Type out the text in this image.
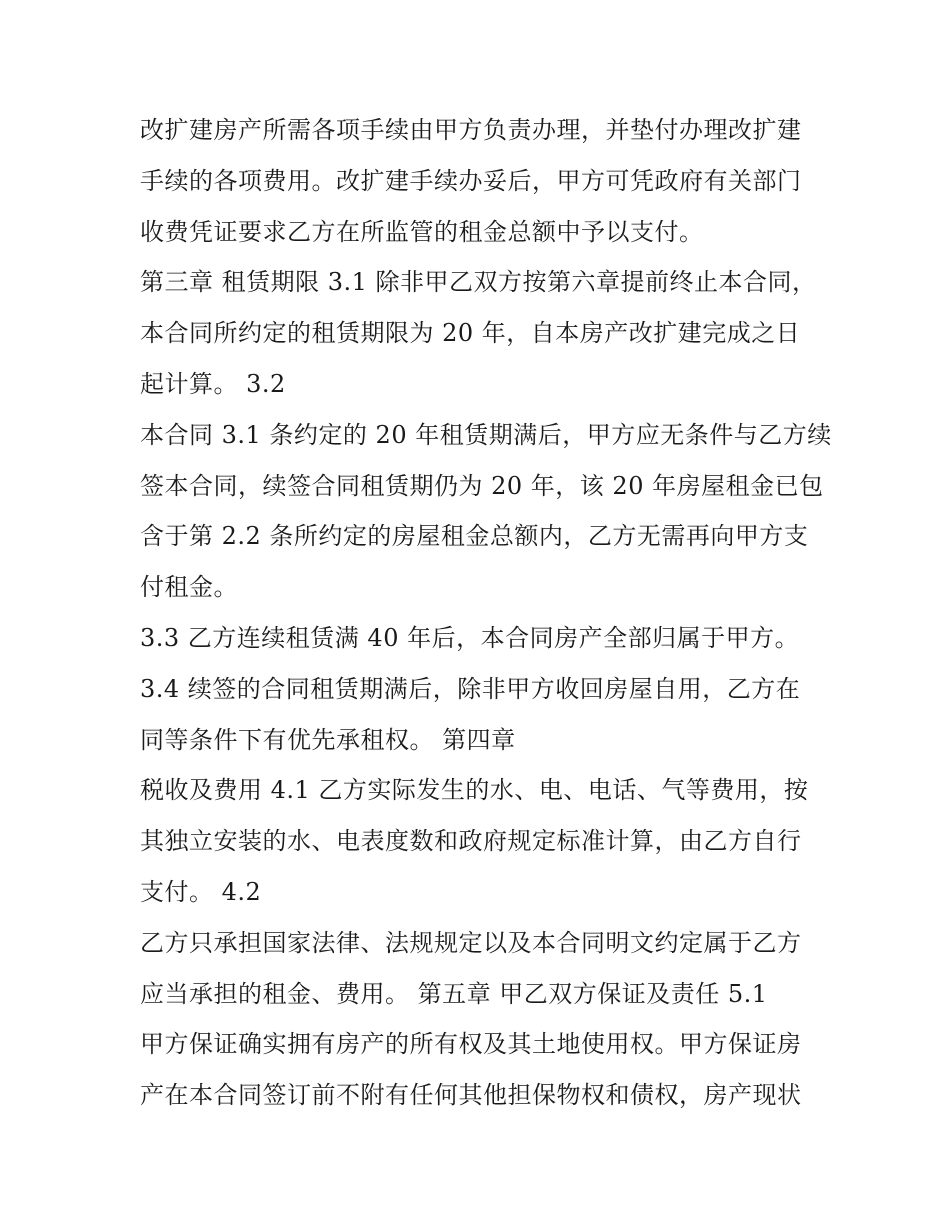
改扩建房产所需各项手续由甲方负责办理，并垫付办理改扩建
手续的各项费用。改扩建手续办妥后，甲方可凭政府有关部门
收费凭证要求乙方在所监管的租金总额中予以支付。
第三章 租赁期限 3.1 除非甲乙双方按第六章提前终止本合同，
本合同所约定的租赁期限为 20 年，自本房产改扩建完成之日
起计算。 3.2
本合同 3.1 条约定的 20 年租赁期满后，甲方应无条件与乙方续
签本合同，续签合同租赁期仍为 20 年，该 20 年房屋租金已包
含于第 2.2 条所约定的房屋租金总额内，乙方无需再向甲方支
付租金。
3.3 乙方连续租赁满 40 年后，本合同房产全部归属于甲方。
3.4 续签的合同租赁期满后，除非甲方收回房屋自用，乙方在
同等条件下有优先承租权。 第四章
税收及费用 4.1 乙方实际发生的水、电、电话、气等费用，按
其独立安装的水、电表度数和政府规定标准计算，由乙方自行
支付。 4.2
乙方只承担国家法律、法规规定以及本合同明文约定属于乙方
应当承担的租金、费用。 第五章 甲乙双方保证及责任 5.1
甲方保证确实拥有房产的所有权及其土地使用权。甲方保证房
产在本合同签订前不附有任何其他担保物权和债权，房产现状
